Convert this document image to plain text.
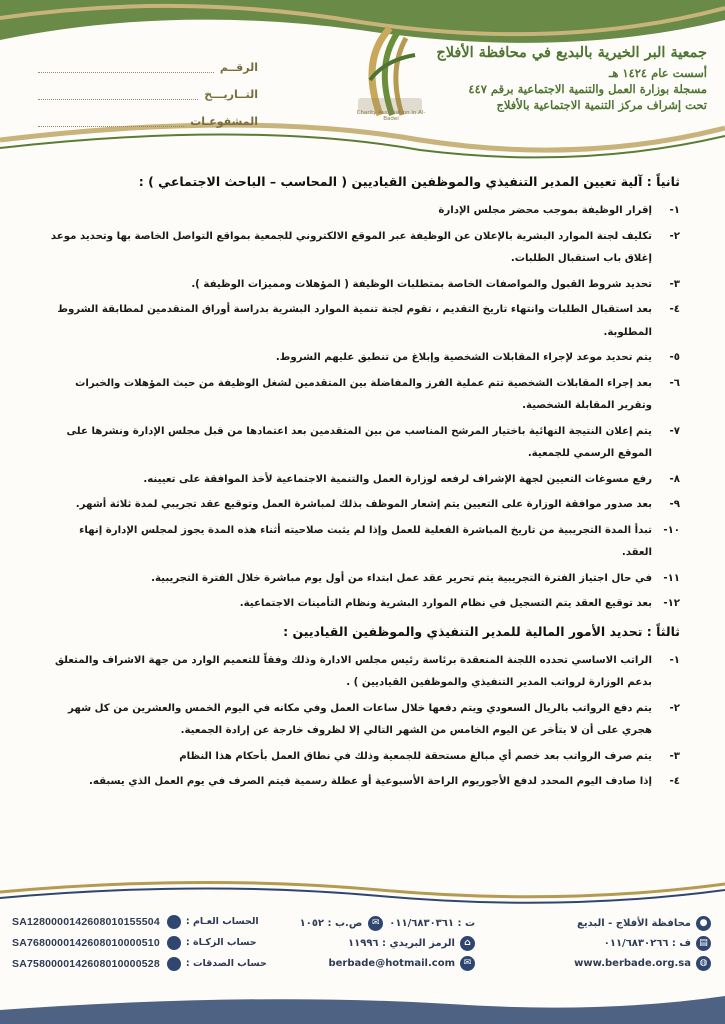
جمعية البر الخيرية بالبديع في محافظة الأفلاج
أسست عام ١٤٢٤ هـ
مسجلة بوزارة العمل والتنمية الاجتماعية برقم ٤٤٧
تحت إشراف مركز التنمية الاجتماعية بالأفلاج
Charity Association in Al-Badei
الرقــم
التــاريـــخ
المشفوعـات
ثانياً : آلية تعيين المدير التنفيذي والموظفين القياديين ( المحاسب – الباحث الاجتماعي ) :
١-
إقرار الوظيفة بموجب محضر مجلس الإدارة
٢-
تكليف لجنة الموارد البشرية بالإعلان عن الوظيفة عبر الموقع الالكتروني للجمعية بمواقع التواصل الخاصة بها وتحديد موعد إغلاق باب استقبال الطلبات.
٣-
تحديد شروط القبول والمواصفات الخاصة بمتطلبات الوظيفة ( المؤهلات ومميزات الوظيفة ).
٤-
بعد استقبال الطلبات وانتهاء تاريخ التقديم ، تقوم لجنة تنمية الموارد البشرية بدراسة أوراق المتقدمين لمطابقة الشروط المطلوبة.
٥-
يتم تحديد موعد لإجراء المقابلات الشخصية وإبلاغ من تنطبق عليهم الشروط.
٦-
بعد إجراء المقابلات الشخصية تتم عملية الفرز والمفاضلة بين المتقدمين لشغل الوظيفة من حيث المؤهلات والخبرات وتقرير المقابلة الشخصية.
٧-
يتم إعلان النتيجة النهائية باختيار المرشح المناسب من بين المتقدمين بعد اعتمادها من قبل مجلس الإدارة ونشرها على الموقع الرسمي للجمعية.
٨-
رفع مسوغات التعيين لجهة الإشراف لرفعه لوزارة العمل والتنمية الاجتماعية لأخذ الموافقة على تعيينه.
٩-
بعد صدور موافقة الوزارة على التعيين يتم إشعار الموظف بذلك لمباشرة العمل وتوقيع عقد تجريبي لمدة ثلاثة أشهر.
١٠-
تبدأ المدة التجريبية من تاريخ المباشرة الفعلية للعمل وإذا لم يثبت صلاحيته أثناء هذه المدة يجوز لمجلس الإدارة إنهاء العقد.
١١-
في حال اجتياز الفترة التجريبية يتم تحرير عقد عمل ابتداء من أول يوم مباشرة خلال الفترة التجريبية.
١٢-
بعد توقيع العقد يتم التسجيل في نظام الموارد البشرية ونظام التأمينات الاجتماعية.
ثالثاً : تحديد الأمور المالية للمدير التنفيذي والموظفين القياديين :
١-
الراتب الاساسي تحدده اللجنة المنعقدة برئاسة رئيس مجلس الادارة وذلك وفقاً للتعميم الوارد من جهة الاشراف والمتعلق بدعم الوزارة لرواتب المدير التنفيذي والموظفين القياديين ) .
٢-
يتم دفع الرواتب بالريال السعودي ويتم دفعها خلال ساعات العمل وفي مكانه في اليوم الخمس والعشرين من كل شهر هجري على أن لا يتأخر عن اليوم الخامس من الشهر التالي إلا لظروف خارجة عن إرادة الجمعية.
٣-
يتم صرف الرواتب بعد خصم أي مبالغ مستحقة للجمعية وذلك في نطاق العمل بأحكام هذا النظام
٤-
إذا صادف اليوم المحدد لدفع الأجوريوم الراحة الأسبوعية أو عطلة رسمية فيتم الصرف في يوم العمل الذي يسبقه.
●
محافظة الأفلاج - البديع
▤
ف : ٠١١/٦٨٣٠٢٦٦
◍
www.berbade.org.sa
ت : ٠١١/٦٨٣٠٣٦١
✉
ص.ب : ١٠٥٢
⌂
الرمز البريدي : ١١٩٩٦
✉
berbade@hotmail.com
SA1280000142608010155504	الحساب العـام :
SA7680000142608010000510	حساب الزكـاة :
SA7580000142608010000528	حساب الصدقات :
